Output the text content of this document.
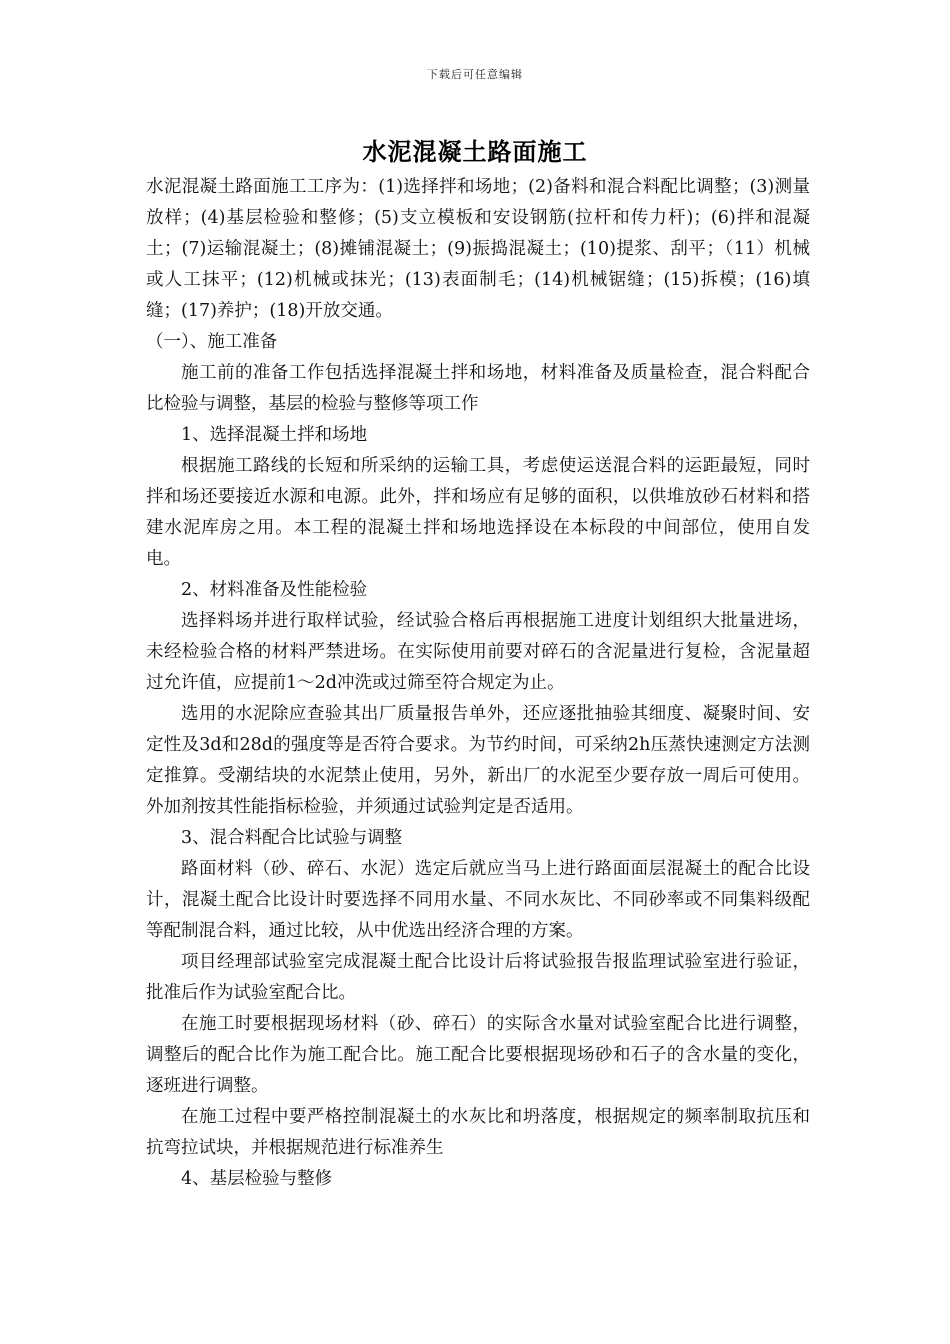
下载后可任意编辑
水泥混凝土路面施工

水泥混凝土路面施工工序为：(1)选择拌和场地；(2)备料和混合料配比调整；(3)测量放样；(4)基层检验和整修；(5)支立模板和安设钢筋(拉杆和传力杆)；(6)拌和混凝土；(7)运输混凝土；(8)摊铺混凝土；(9)振捣混凝土；(10)提浆、刮平；（11）机械或人工抹平；(12)机械或抹光；(13)表面制毛；(14)机械锯缝；(15)拆模；(16)填缝；(17)养护；(18)开放交通。

（一）、施工准备

施工前的准备工作包括选择混凝土拌和场地，材料准备及质量检查，混合料配合比检验与调整，基层的检验与整修等项工作

1、选择混凝土拌和场地

根据施工路线的长短和所采纳的运输工具，考虑使运送混合料的运距最短，同时拌和场还要接近水源和电源。此外，拌和场应有足够的面积，以供堆放砂石材料和搭建水泥库房之用。本工程的混凝土拌和场地选择设在本标段的中间部位，使用自发电。

2、材料准备及性能检验

选择料场并进行取样试验，经试验合格后再根据施工进度计划组织大批量进场，未经检验合格的材料严禁进场。在实际使用前要对碎石的含泥量进行复检，含泥量超过允许值，应提前1～2d冲洗或过筛至符合规定为止。

选用的水泥除应查验其出厂质量报告单外，还应逐批抽验其细度、凝聚时间、安定性及3d和28d的强度等是否符合要求。为节约时间，可采纳2h压蒸快速测定方法测定推算。受潮结块的水泥禁止使用，另外，新出厂的水泥至少要存放一周后可使用。外加剂按其性能指标检验，并须通过试验判定是否适用。

3、混合料配合比试验与调整

路面材料（砂、碎石、水泥）选定后就应当马上进行路面面层混凝土的配合比设计，混凝土配合比设计时要选择不同用水量、不同水灰比、不同砂率或不同集料级配等配制混合料，通过比较，从中优选出经济合理的方案。

项目经理部试验室完成混凝土配合比设计后将试验报告报监理试验室进行验证，批准后作为试验室配合比。

在施工时要根据现场材料（砂、碎石）的实际含水量对试验室配合比进行调整，调整后的配合比作为施工配合比。施工配合比要根据现场砂和石子的含水量的变化，逐班进行调整。

在施工过程中要严格控制混凝土的水灰比和坍落度，根据规定的频率制取抗压和抗弯拉试块，并根据规范进行标准养生

4、基层检验与整修
